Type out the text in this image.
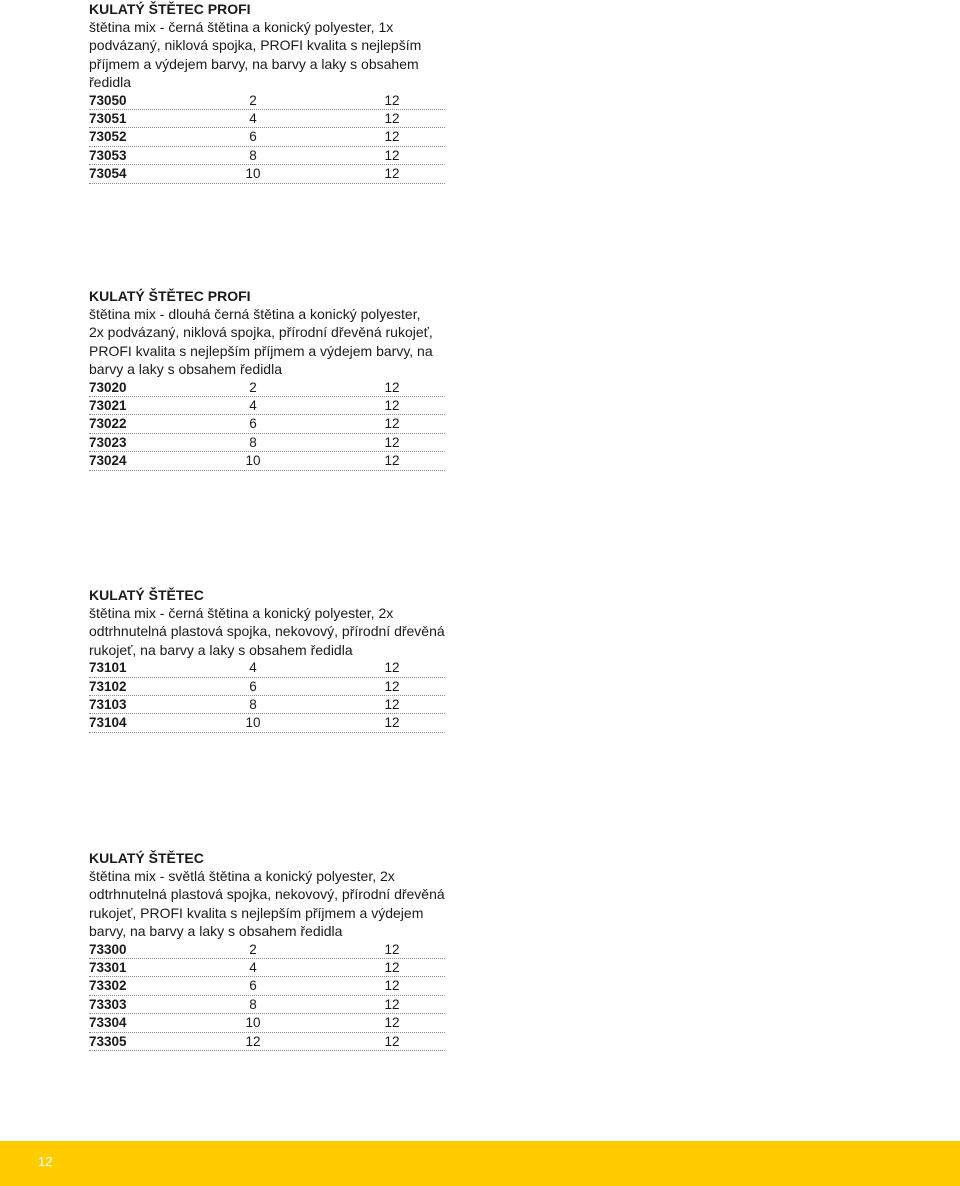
KULATÝ ŠTĚTEC PROFI

štětina mix - černá štětina a konický polyester, 1x
podvázaný, niklová spojka, PROFI kvalita s nejlepším
příjmem a výdejem barvy, na barvy a laky s obsahem
ředidla

73050	2	12
73051	4	12
73052	6	12
73053	8	12
73054	10	12
KULATÝ ŠTĚTEC PROFI

štětina mix - dlouhá černá štětina a konický polyester,
2x podvázaný, niklová spojka, přírodní dřevěná rukojeť,
PROFI kvalita s nejlepším příjmem a výdejem barvy, na
barvy a laky s obsahem ředidla

73020	2	12
73021	4	12
73022	6	12
73023	8	12
73024	10	12
KULATÝ ŠTĚTEC

štětina mix - černá štětina a konický polyester, 2x
odtrhnutelná plastová spojka, nekovový, přírodní dřevěná
rukojeť, na barvy a laky s obsahem ředidla

73101	4	12
73102	6	12
73103	8	12
73104	10	12
KULATÝ ŠTĚTEC

štětina mix - světlá štětina a konický polyester, 2x
odtrhnutelná plastová spojka, nekovový, přírodní dřevěná
rukojeť, PROFI kvalita s nejlepším příjmem a výdejem
barvy, na barvy a laky s obsahem ředidla

73300	2	12
73301	4	12
73302	6	12
73303	8	12
73304	10	12
73305	12	12
12
